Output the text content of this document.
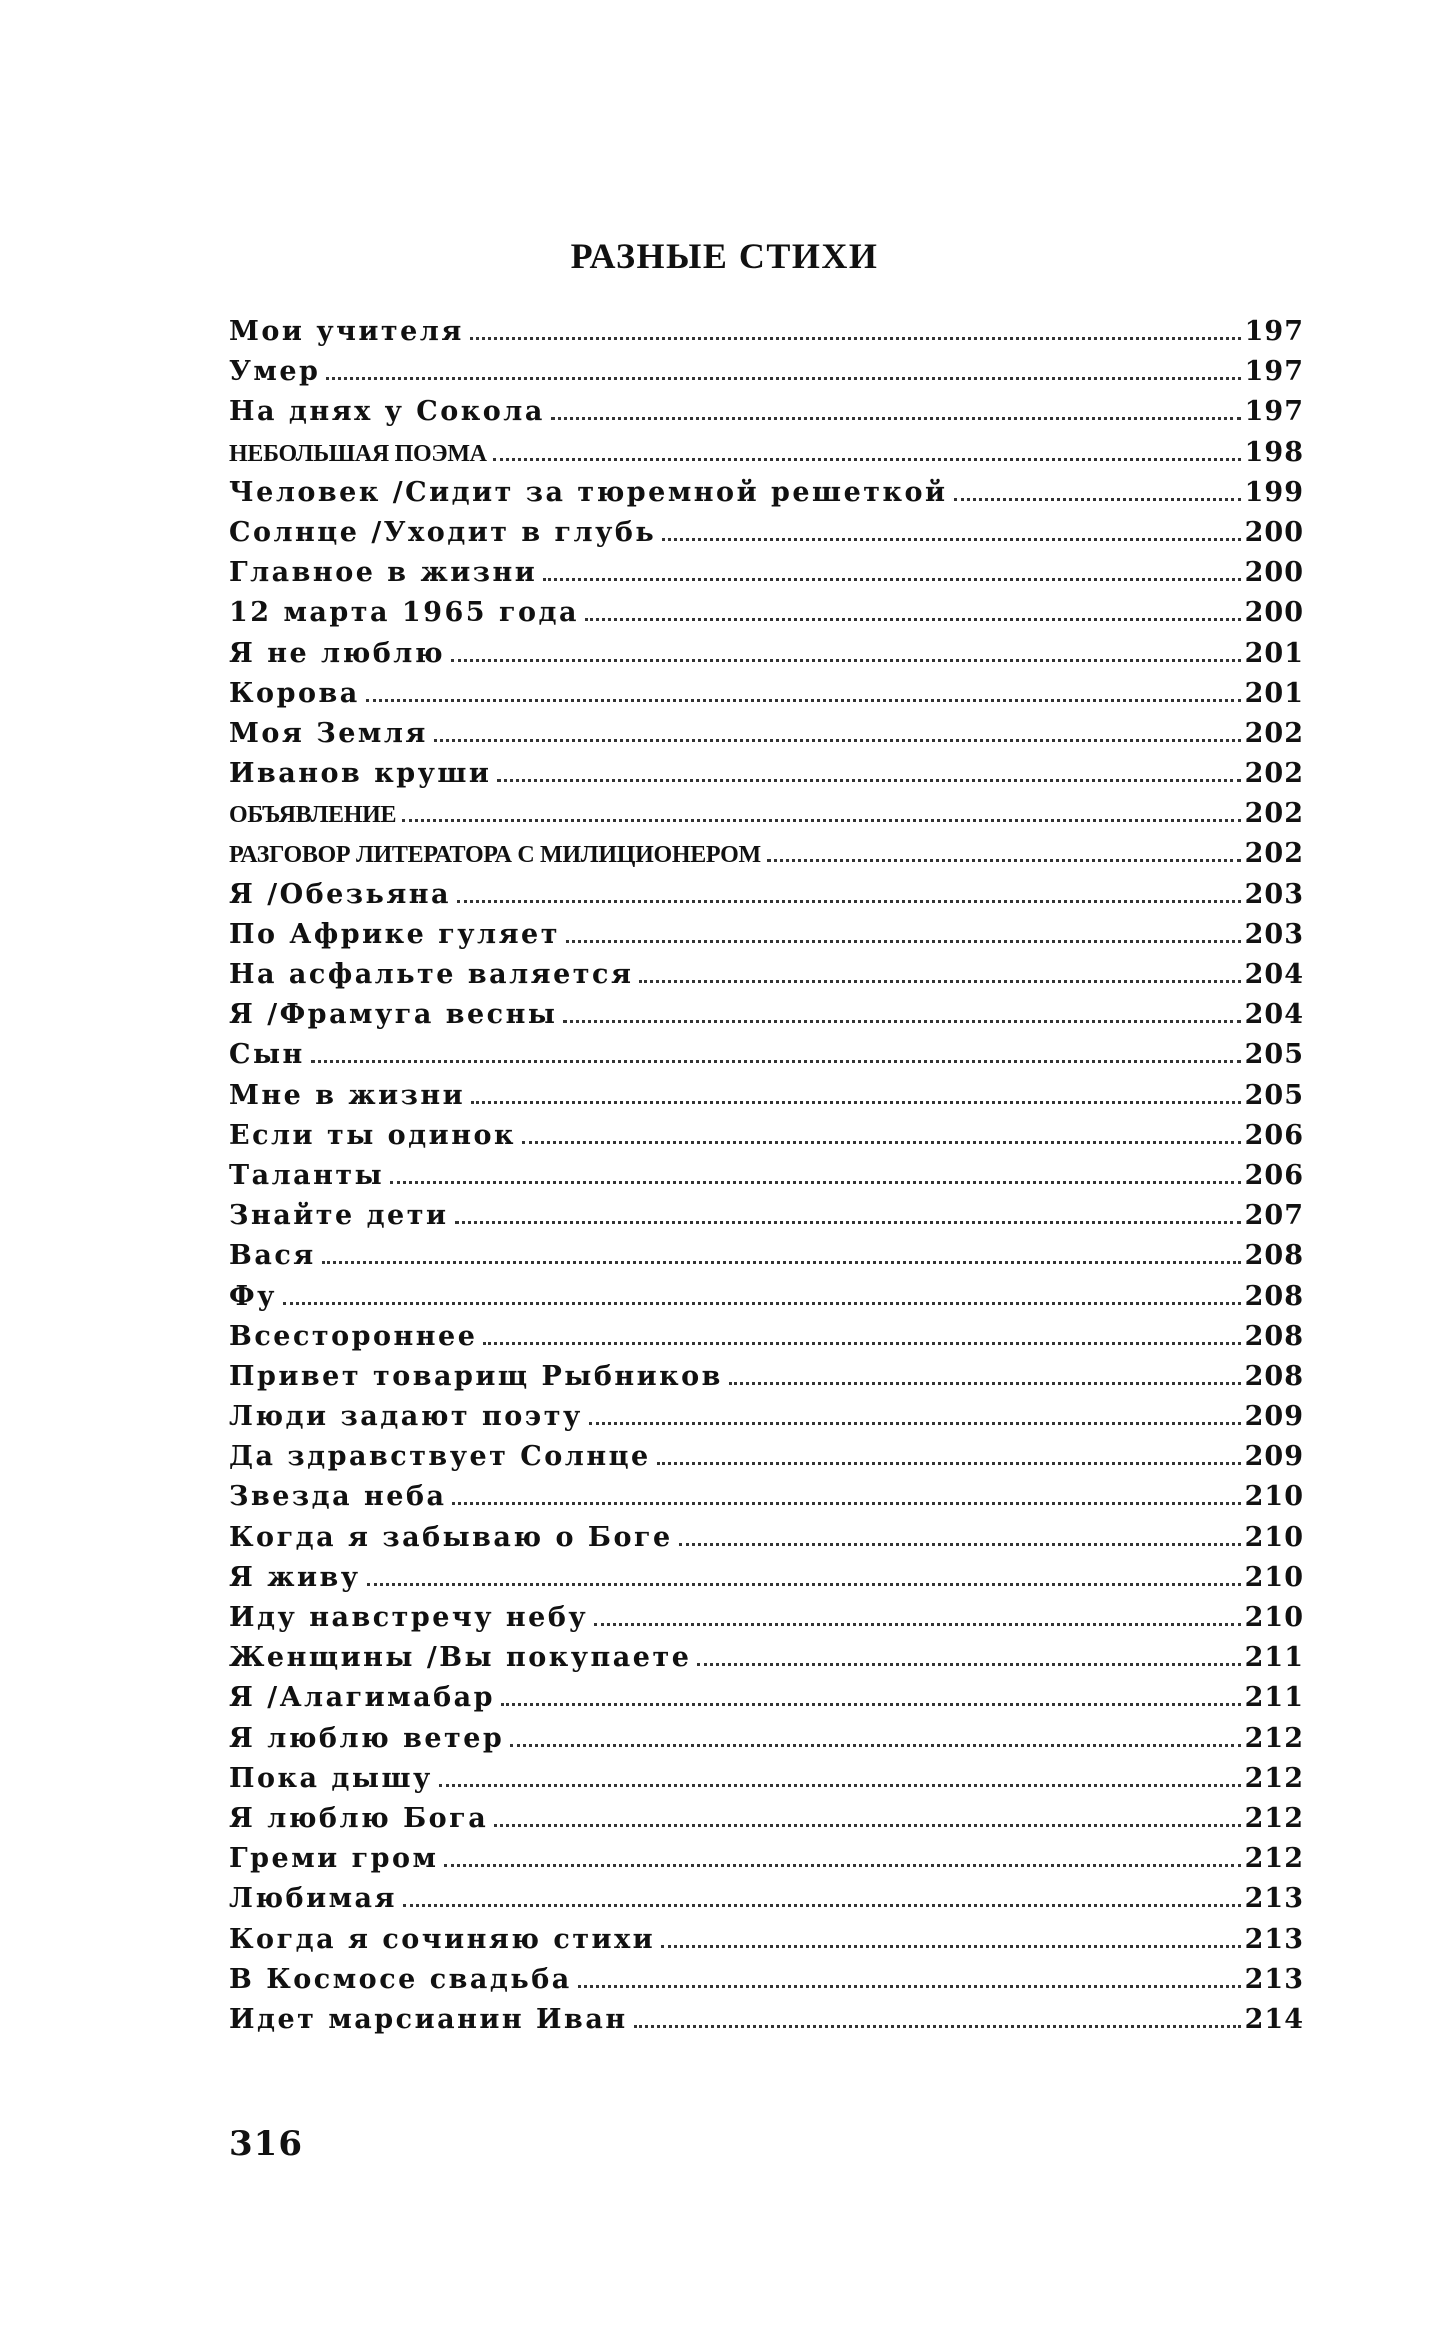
РАЗНЫЕ СТИХИ
Мои учителя	197
Умер	197
На днях у Сокола	197
НЕБОЛЬШАЯ ПОЭМА	198
Человек /Сидит за тюремной решеткой	199
Солнце /Уходит в глубь	200
Главное в жизни	200
12 марта 1965 года	200
Я не люблю	201
Корова	201
Моя Земля	202
Иванов круши	202
ОБЪЯВЛЕНИЕ	202
РАЗГОВОР ЛИТЕРАТОРА С МИЛИЦИОНЕРОМ	202
Я /Обезьяна	203
По Африке гуляет	203
На асфальте валяется	204
Я /Фрамуга весны	204
Сын	205
Мне в жизни	205
Если ты одинок	206
Таланты	206
Знайте дети	207
Вася	208
Фу	208
Всестороннее	208
Привет товарищ Рыбников	208
Люди задают поэту	209
Да здравствует Солнце	209
Звезда неба	210
Когда я забываю о Боге	210
Я живу	210
Иду навстречу небу	210
Женщины /Вы покупаете	211
Я /Алагимабар	211
Я люблю ветер	212
Пока дышу	212
Я люблю Бога	212
Греми гром	212
Любимая	213
Когда я сочиняю стихи	213
В Космосе свадьба	213
Идет марсианин Иван	214

316
